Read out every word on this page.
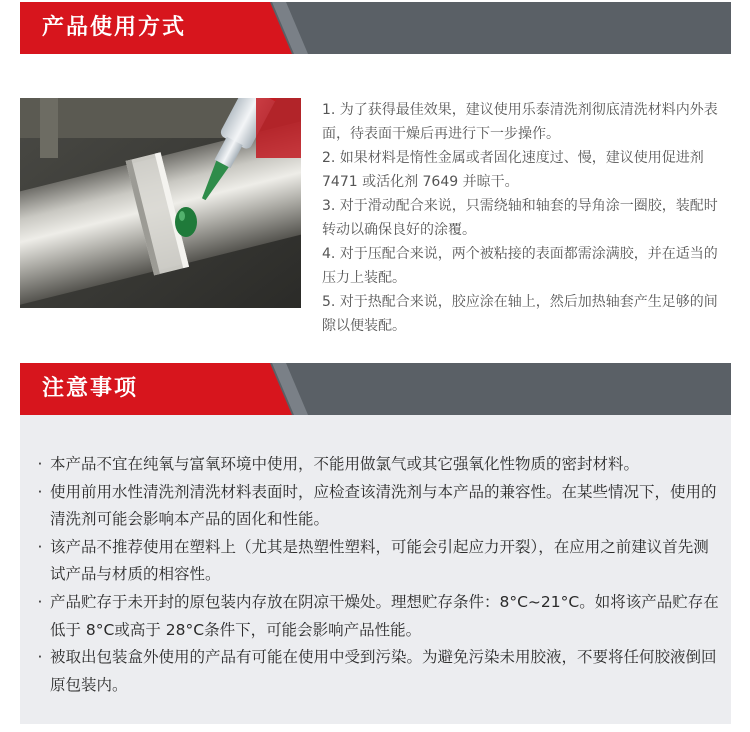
产品使用方式

1. 为了获得最佳效果，建议使用乐泰清洗剂彻底清洗材料内外表面，待表面干燥后再进行下一步操作。

2. 如果材料是惰性金属或者固化速度过、慢，建议使用促进剂 7471 或活化剂 7649 并晾干。

3. 对于滑动配合来说，只需绕轴和轴套的导角涂一圈胶，装配时转动以确保良好的涂覆。

4. 对于压配合来说，两个被粘接的表面都需涂满胶，并在适当的压力上装配。

5. 对于热配合来说，胶应涂在轴上，然后加热轴套产生足够的间隙以便装配。

注意事项
· 本产品不宜在纯氧与富氧环境中使用，不能用做氯气或其它强氧化性物质的密封材料。
· 使用前用水性清洗剂清洗材料表面时，应检查该清洗剂与本产品的兼容性。在某些情况下，使用的清洗剂可能会影响本产品的固化和性能。
· 该产品不推荐使用在塑料上（尤其是热塑性塑料，可能会引起应力开裂），在应用之前建议首先测试产品与材质的相容性。
· 产品贮存于未开封的原包装内存放在阴凉干燥处。理想贮存条件：8°C~21°C。如将该产品贮存在低于 8°C或高于 28°C条件下，可能会影响产品性能。
· 被取出包装盒外使用的产品有可能在使用中受到污染。为避免污染未用胶液，不要将任何胶液倒回原包装内。
